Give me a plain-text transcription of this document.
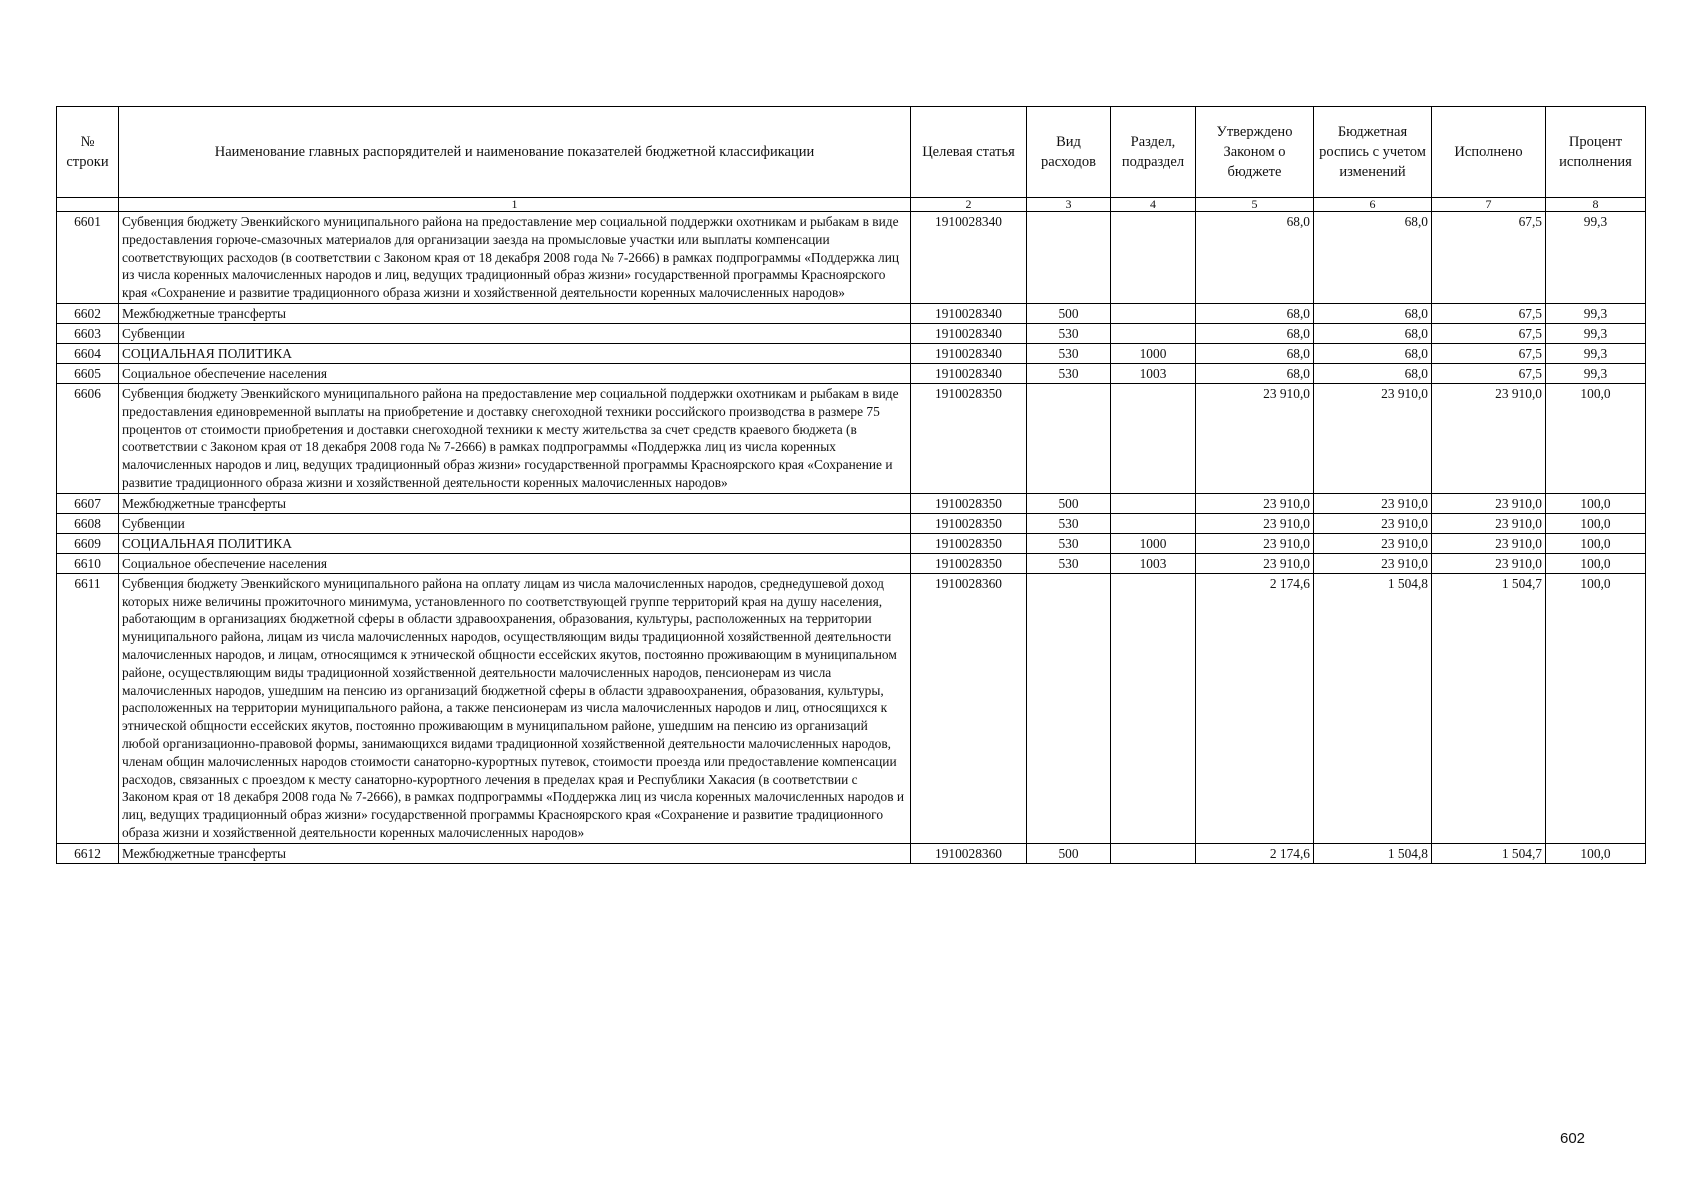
№ строки	Наименование главных распорядителей и наименование показателей бюджетной классификации	Целевая статья	Вид расходов	Раздел, подраздел	Утверждено Законом о бюджете	Бюджетная роспись с учетом изменений	Исполнено	Процент исполнения
	1	2	3	4	5	6	7	8
6601	Субвенция бюджету Эвенкийского муниципального района на предоставление мер социальной поддержки охотникам и рыбакам в виде предоставления горюче-смазочных материалов для организации заезда на промысловые участки или выплаты компенсации соответствующих расходов (в соответствии с Законом края от 18 декабря 2008 года № 7-2666) в рамках подпрограммы «Поддержка лиц из числа коренных малочисленных народов и лиц, ведущих традиционный образ жизни» государственной программы Красноярского края «Сохранение и развитие традиционного образа жизни и хозяйственной деятельности коренных малочисленных народов»	1910028340			68,0	68,0	67,5	99,3
6602	Межбюджетные трансферты	1910028340	500		68,0	68,0	67,5	99,3
6603	Субвенции	1910028340	530		68,0	68,0	67,5	99,3
6604	СОЦИАЛЬНАЯ ПОЛИТИКА	1910028340	530	1000	68,0	68,0	67,5	99,3
6605	Социальное обеспечение населения	1910028340	530	1003	68,0	68,0	67,5	99,3
6606	Субвенция бюджету Эвенкийского муниципального района на предоставление мер социальной поддержки охотникам и рыбакам в виде предоставления единовременной выплаты на приобретение и доставку снегоходной техники российского производства в размере 75 процентов от стоимости приобретения и доставки снегоходной техники к месту жительства за счет средств краевого бюджета (в соответствии с Законом края от 18 декабря 2008 года № 7-2666) в рамках подпрограммы «Поддержка лиц из числа коренных малочисленных народов и лиц, ведущих традиционный образ жизни» государственной программы Красноярского края «Сохранение и развитие традиционного образа жизни и хозяйственной деятельности коренных малочисленных народов»	1910028350			23 910,0	23 910,0	23 910,0	100,0
6607	Межбюджетные трансферты	1910028350	500		23 910,0	23 910,0	23 910,0	100,0
6608	Субвенции	1910028350	530		23 910,0	23 910,0	23 910,0	100,0
6609	СОЦИАЛЬНАЯ ПОЛИТИКА	1910028350	530	1000	23 910,0	23 910,0	23 910,0	100,0
6610	Социальное обеспечение населения	1910028350	530	1003	23 910,0	23 910,0	23 910,0	100,0
6611	Субвенция бюджету Эвенкийского муниципального района на оплату лицам из числа малочисленных народов, среднедушевой доход которых ниже величины прожиточного минимума, установленного по соответствующей группе территорий края на душу населения, работающим в организациях бюджетной сферы в области здравоохранения, образования, культуры, расположенных на территории муниципального района, лицам из числа малочисленных народов, осуществляющим виды традиционной хозяйственной деятельности малочисленных народов, и лицам, относящимся к этнической общности ессейских якутов, постоянно проживающим в муниципальном районе, осуществляющим виды традиционной хозяйственной деятельности малочисленных народов, пенсионерам из числа малочисленных народов, ушедшим на пенсию из организаций бюджетной сферы в области здравоохранения, образования, культуры, расположенных на территории муниципального района, а также пенсионерам из числа малочисленных народов и лиц, относящихся к этнической общности ессейских якутов, постоянно проживающим в муниципальном районе, ушедшим на пенсию из организаций любой организационно-правовой формы, занимающихся видами традиционной хозяйственной деятельности малочисленных народов, членам общин малочисленных народов стоимости санаторно-курортных путевок, стоимости проезда или предоставление компенсации расходов, связанных с проездом к месту санаторно-курортного лечения в пределах края и Республики Хакасия (в соответствии с Законом края от 18 декабря 2008 года № 7-2666), в рамках подпрограммы «Поддержка лиц из числа коренных малочисленных народов и лиц, ведущих традиционный образ жизни» государственной программы Красноярского края «Сохранение и развитие традиционного образа жизни и хозяйственной деятельности коренных малочисленных народов»	1910028360			2 174,6	1 504,8	1 504,7	100,0
6612	Межбюджетные трансферты	1910028360	500		2 174,6	1 504,8	1 504,7	100,0
602
